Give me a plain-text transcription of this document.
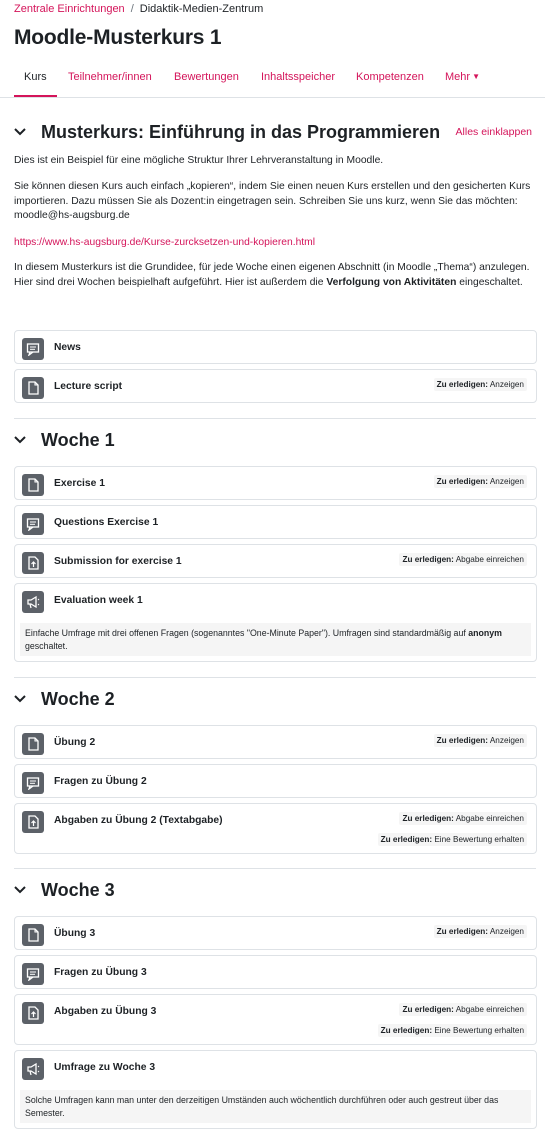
Zentrale Einrichtungen / Didaktik-Medien-Zentrum
Moodle-Musterkurs 1
Kurs	Teilnehmer/innen Bewertungen Inhaltsspeicher Kompetenzen Mehr ▼
Musterkurs: Einführung in das Programmieren Alles einklappen
Dies ist ein Beispiel für eine mögliche Struktur Ihrer Lehrveranstaltung in Moodle.
Sie können diesen Kurs auch einfach „kopieren“, indem Sie einen neuen Kurs erstellen und den gesicherten Kurs importieren. Dazu müssen Sie als Dozent:in eingetragen sein. Schreiben Sie uns kurz, wenn Sie das möchten: moodle@hs-augsburg.de
https://www.hs-augsburg.de/Kurse-zurcksetzen-und-kopieren.html
In diesem Musterkurs ist die Grundidee, für jede Woche einen eigenen Abschnitt (in Moodle „Thema“) anzulegen. Hier sind drei Wochen beispielhaft aufgeführt. Hier ist außerdem die Verfolgung von Aktivitäten eingeschaltet.
News
Lecture script	Zu erledigen: Anzeigen
Woche 1
Exercise 1	Zu erledigen: Anzeigen
Questions Exercise 1
Submission for exercise 1	Zu erledigen: Abgabe einreichen
Evaluation week 1
Einfache Umfrage mit drei offenen Fragen (sogenanntes "One-Minute Paper"). Umfragen sind standardmäßig auf anonym geschaltet.
Woche 2
Übung 2	Zu erledigen: Anzeigen
Fragen zu Übung 2
Abgaben zu Übung 2 (Textabgabe)	Zu erledigen: Abgabe einreichen
Zu erledigen: Eine Bewertung erhalten
Woche 3
Übung 3	Zu erledigen: Anzeigen
Fragen zu Übung 3
Abgaben zu Übung 3	Zu erledigen: Abgabe einreichen
Zu erledigen: Eine Bewertung erhalten
Umfrage zu Woche 3
Solche Umfragen kann man unter den derzeitigen Umständen auch wöchentlich durchführen oder auch gestreut über das Semester.
